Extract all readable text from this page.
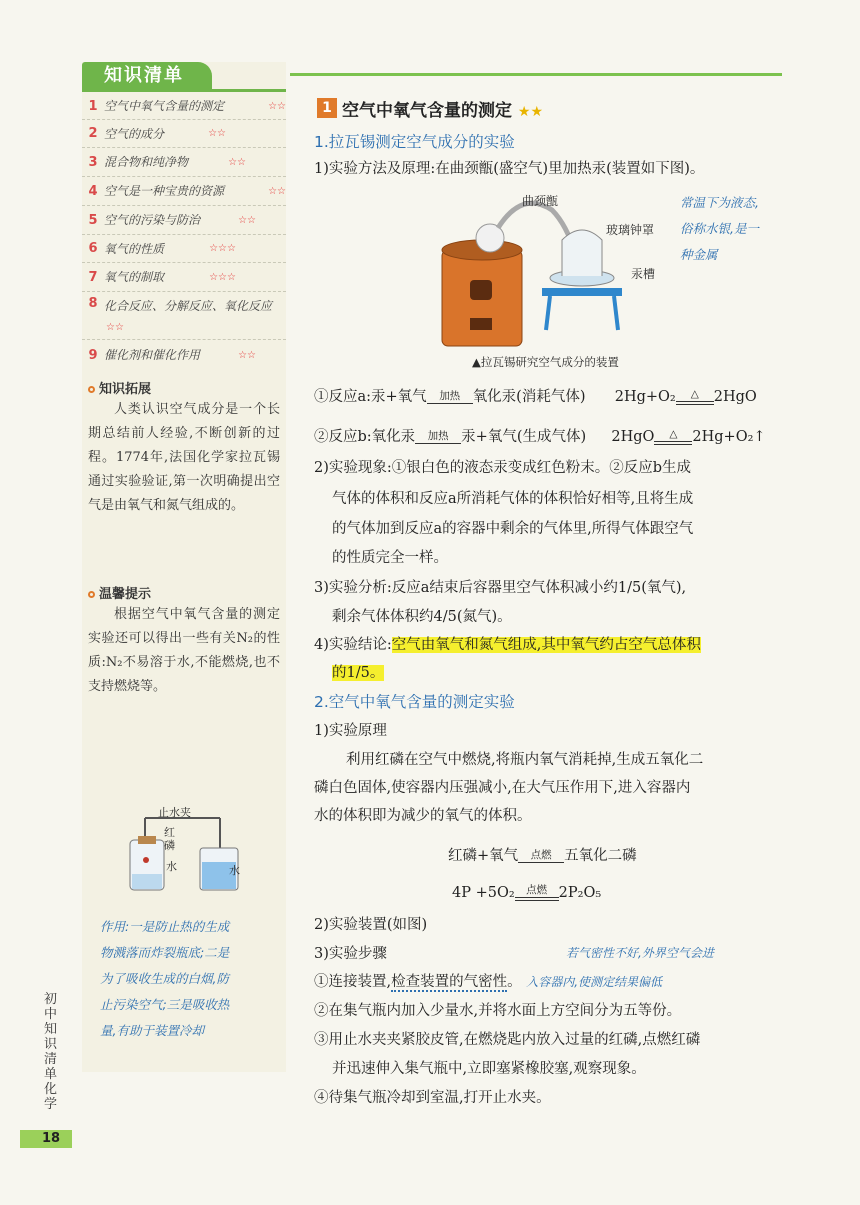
知识清单
1 空气中氧气含量的测定	☆☆
2 空气的成分	☆☆
3 混合物和纯净物	☆☆
4 空气是一种宝贵的资源	☆☆
5 空气的污染与防治	☆☆
6 氧气的性质	☆☆☆
7 氧气的制取	☆☆☆
8 化合反应、分解反应、氧化反应☆☆
9 催化剂和催化作用	☆☆
知识拓展
人类认识空气成分是一个长期总结前人经验,不断创新的过程。1774年,法国化学家拉瓦锡通过实验验证,第一次明确提出空气是由氧气和氮气组成的。
温馨提示
根据空气中氧气含量的测定实验还可以得出一些有关N₂的性质:N₂不易溶于水,不能燃烧,也不支持燃烧等。
止水夹
红磷
水	水
作用:一是防止热的生成
物溅落而炸裂瓶底;二是
为了吸收生成的白烟,防
止污染空气;三是吸收热
量,有助于装置冷却
初中知识清单化学
18
1 空气中氧气含量的测定 ★★
1.拉瓦锡测定空气成分的实验
1)实验方法及原理:在曲颈甑(盛空气)里加热汞(装置如下图)。
曲颈甑
玻璃钟罩
汞槽
▲拉瓦锡研究空气成分的装置
常温下为液态,
俗称水银,是一
种金属
①反应a:汞+氧气	加热 氧化汞(消耗气体) 2Hg+O₂	△	2HgO
②反应b:氧化汞	加热 汞+氧气(生成气体) 2HgO	△	2Hg+O₂↑
2)实验现象:①银白色的液态汞变成红色粉末。②反应b生成
气体的体积和反应a所消耗气体的体积恰好相等,且将生成
的气体加到反应a的容器中剩余的气体里,所得气体跟空气
的性质完全一样。
3)实验分析:反应a结束后容器里空气体积减小约1/5(氧气),
剩余气体体积约4/5(氮气)。
4)实验结论:空气由氧气和氮气组成,其中氧气约占空气总体积
的1/5。
2.空气中氧气含量的测定实验
1)实验原理
利用红磷在空气中燃烧,将瓶内氧气消耗掉,生成五氧化二
磷白色固体,使容器内压强减小,在大气压作用下,进入容器内
水的体积即为减少的氧气的体积。
红磷+氧气	点燃 五氧化二磷
4P +5O₂	点燃 2P₂O₅
2)实验装置(如图)
3)实验步骤	若气密性不好,外界空气会进
①连接装置,检查装置的气密性。 入容器内,使测定结果偏低
②在集气瓶内加入少量水,并将水面上方空间分为五等份。
③用止水夹夹紧胶皮管,在燃烧匙内放入过量的红磷,点燃红磷
并迅速伸入集气瓶中,立即塞紧橡胶塞,观察现象。
④待集气瓶冷却到室温,打开止水夹。
